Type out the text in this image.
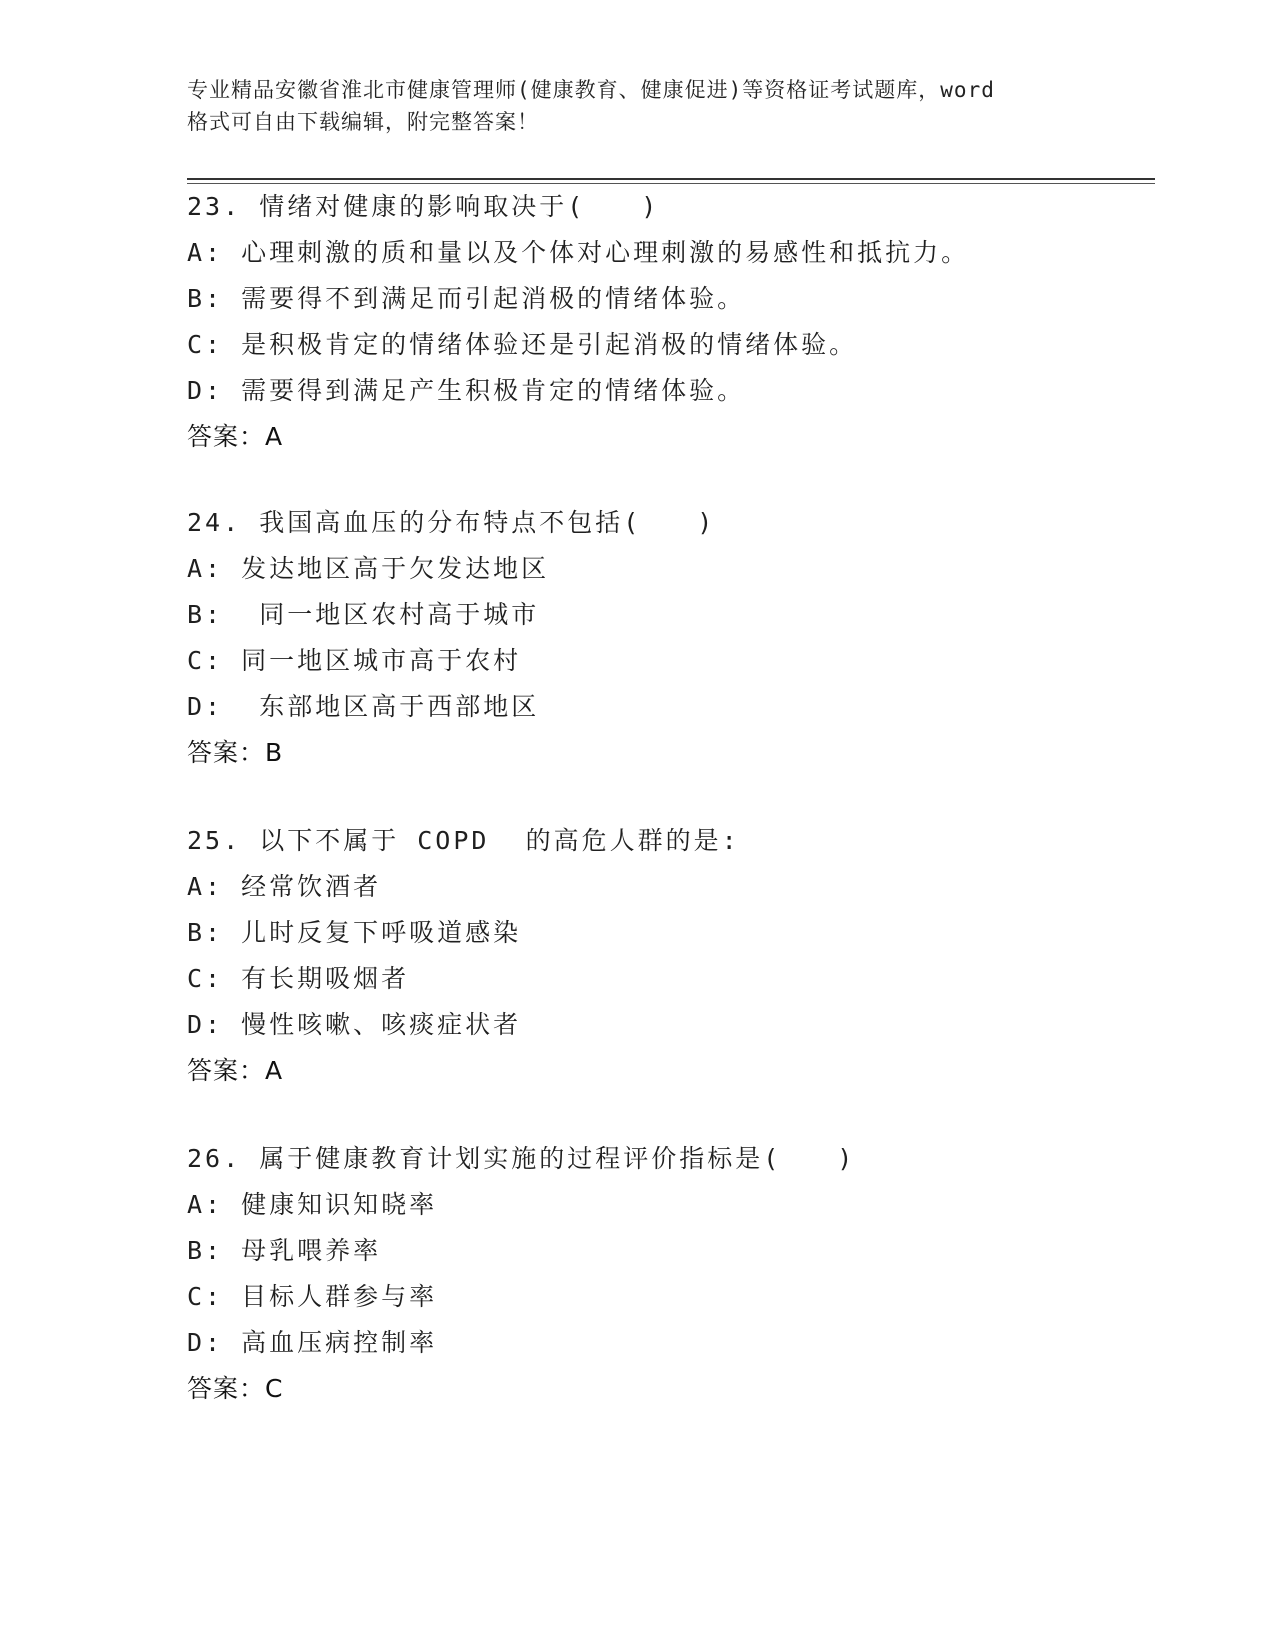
专业精品安徽省淮北市健康管理师(健康教育、健康促进)等资格证考试题库，word
格式可自由下载编辑，附完整答案！
23. 情绪对健康的影响取决于(　　)
A: 心理刺激的质和量以及个体对心理刺激的易感性和抵抗力。
B: 需要得不到满足而引起消极的情绪体验。
C: 是积极肯定的情绪体验还是引起消极的情绪体验。
D: 需要得到满足产生积极肯定的情绪体验。
答案：A
24. 我国高血压的分布特点不包括(　　)
A: 发达地区高于欠发达地区
B:  同一地区农村高于城市
C: 同一地区城市高于农村
D:  东部地区高于西部地区
答案：B
25. 以下不属于 COPD  的高危人群的是:
A: 经常饮酒者
B: 儿时反复下呼吸道感染
C: 有长期吸烟者
D: 慢性咳嗽、咳痰症状者
答案：A
26. 属于健康教育计划实施的过程评价指标是(　　)
A: 健康知识知晓率
B: 母乳喂养率
C: 目标人群参与率
D: 高血压病控制率
答案：C
